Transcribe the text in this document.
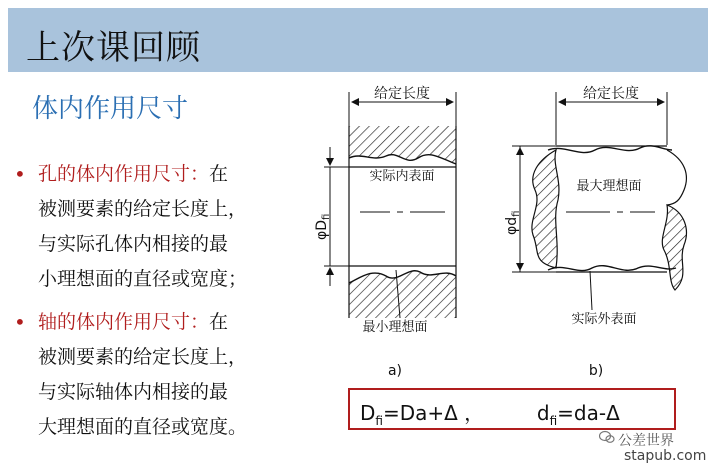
上次课回顾
体内作用尺寸
• 孔的体内作用尺寸：在
被测要素的给定长度上，
与实际孔体内相接的最
小理想面的直径或宽度；
• 轴的体内作用尺寸：在
被测要素的给定长度上，
与实际轴体内相接的最
大理想面的直径或宽度。
给定长度
$\varphi D_{fi}$
实际内表面
最小理想面
a)
给定长度
$\varphi d_{fi}$
最大理想面
实际外表面
b)
$D_{fi}=Da+\Delta$ ，	$d_{fi}=da-\Delta$
公差世界
stapub.com
